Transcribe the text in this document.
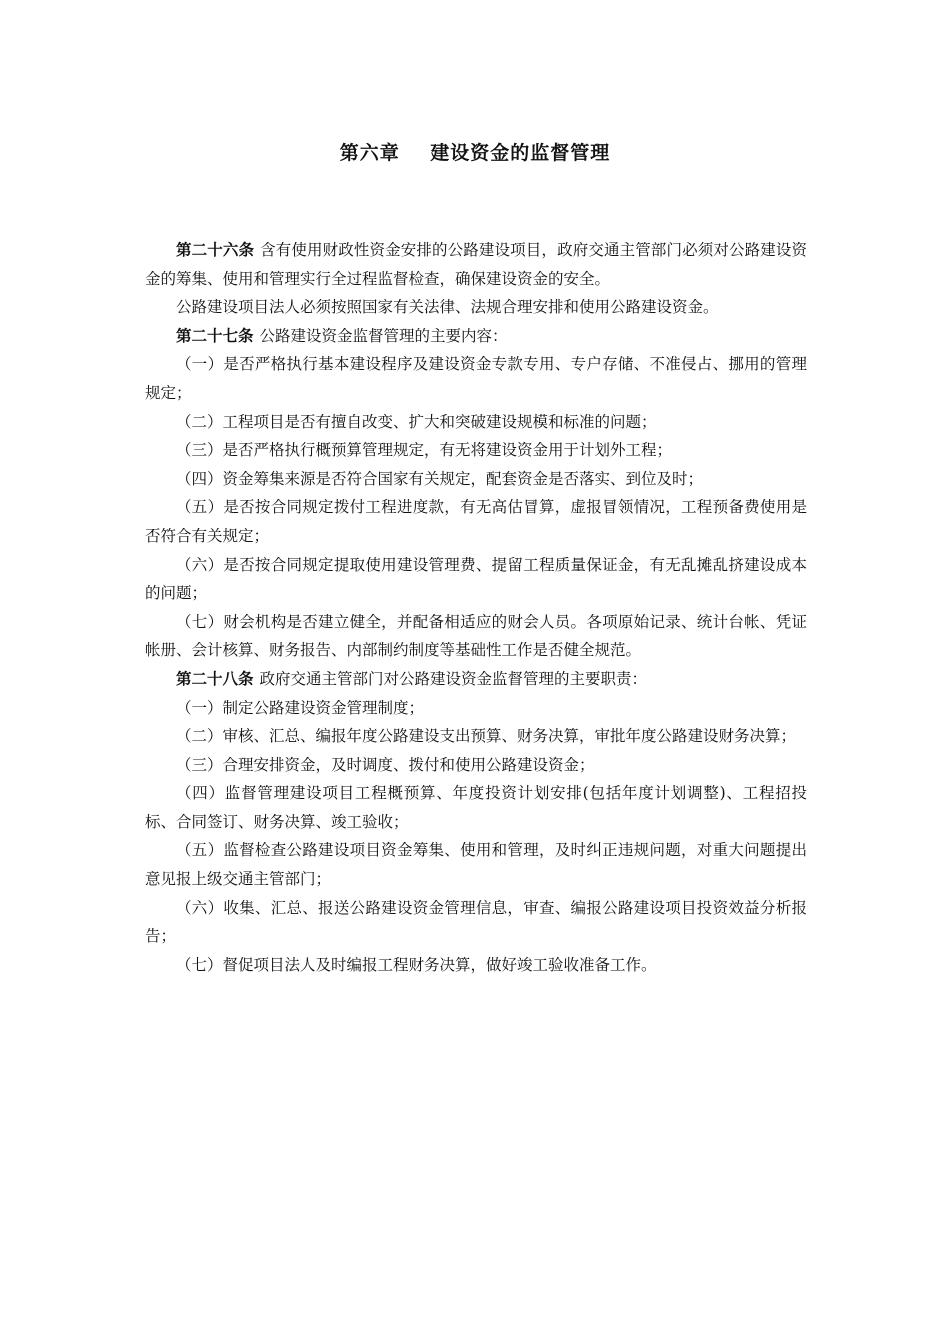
第六章    建设资金的监督管理

第二十六条 含有使用财政性资金安排的公路建设项目，政府交通主管部门必须对公路建设资金的筹集、使用和管理实行全过程监督检查，确保建设资金的安全。

公路建设项目法人必须按照国家有关法律、法规合理安排和使用公路建设资金。

第二十七条 公路建设资金监督管理的主要内容：

（一）是否严格执行基本建设程序及建设资金专款专用、专户存储、不准侵占、挪用的管理规定；

（二）工程项目是否有擅自改变、扩大和突破建设规模和标准的问题；

（三）是否严格执行概预算管理规定，有无将建设资金用于计划外工程；

（四）资金筹集来源是否符合国家有关规定，配套资金是否落实、到位及时；

（五）是否按合同规定拨付工程进度款，有无高估冒算，虚报冒领情况，工程预备费使用是否符合有关规定；

（六）是否按合同规定提取使用建设管理费、提留工程质量保证金，有无乱摊乱挤建设成本的问题；

（七）财会机构是否建立健全，并配备相适应的财会人员。各项原始记录、统计台帐、凭证帐册、会计核算、财务报告、内部制约制度等基础性工作是否健全规范。

第二十八条 政府交通主管部门对公路建设资金监督管理的主要职责：

（一）制定公路建设资金管理制度；

（二）审核、汇总、编报年度公路建设支出预算、财务决算，审批年度公路建设财务决算；

（三）合理安排资金，及时调度、拨付和使用公路建设资金；

（四）监督管理建设项目工程概预算、年度投资计划安排(包括年度计划调整)、工程招投标、合同签订、财务决算、竣工验收；

（五）监督检查公路建设项目资金筹集、使用和管理，及时纠正违规问题，对重大问题提出意见报上级交通主管部门；

（六）收集、汇总、报送公路建设资金管理信息，审查、编报公路建设项目投资效益分析报告；

（七）督促项目法人及时编报工程财务决算，做好竣工验收准备工作。
